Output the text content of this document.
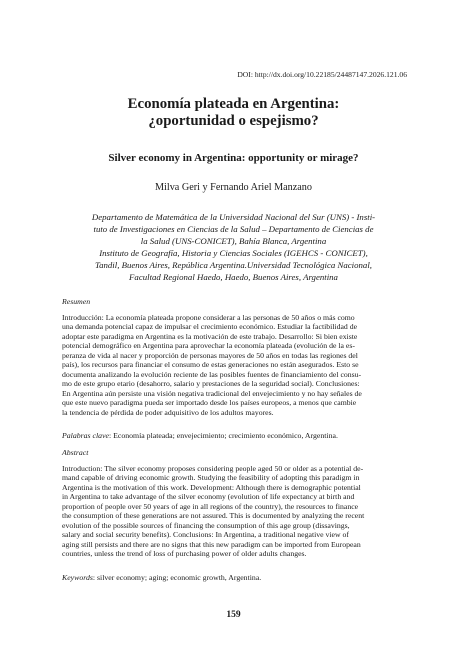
DOI: http://dx.doi.org/10.22185/24487147.2026.121.06
Economía plateada en Argentina:
¿oportunidad o espejismo?
Silver economy in Argentina: opportunity or mirage?
Milva Geri y Fernando Ariel Manzano
Departamento de Matemática de la Universidad Nacional del Sur (UNS) - Insti-
tuto de Investigaciones en Ciencias de la Salud – Departamento de Ciencias de
la Salud (UNS-CONICET), Bahía Blanca, Argentina
Instituto de Geografía, Historia y Ciencias Sociales (IGEHCS - CONICET),
Tandil, Buenos Aires, República Argentina.Universidad Tecnológica Nacional,
Facultad Regional Haedo, Haedo, Buenos Aires, Argentina
Resumen
Introducción: La economía plateada propone considerar a las personas de 50 años o más como
una demanda potencial capaz de impulsar el crecimiento económico. Estudiar la factibilidad de
adoptar este paradigma en Argentina es la motivación de este trabajo. Desarrollo: Si bien existe
potencial demográfico en Argentina para aprovechar la economía plateada (evolución de la es-
peranza de vida al nacer y proporción de personas mayores de 50 años en todas las regiones del
país), los recursos para financiar el consumo de estas generaciones no están asegurados. Esto se
documenta analizando la evolución reciente de las posibles fuentes de financiamiento del consu-
mo de este grupo etario (desahorro, salario y prestaciones de la seguridad social). Conclusiones:
En Argentina aún persiste una visión negativa tradicional del envejecimiento y no hay señales de
que este nuevo paradigma pueda ser importado desde los países europeos, a menos que cambie
la tendencia de pérdida de poder adquisitivo de los adultos mayores.
Palabras clave: Economía plateada; envejecimiento; crecimiento económico, Argentina.
Abstract
Introduction: The silver economy proposes considering people aged 50 or older as a potential de-
mand capable of driving economic growth. Studying the feasibility of adopting this paradigm in
Argentina is the motivation of this work. Development: Although there is demographic potential
in Argentina to take advantage of the silver economy (evolution of life expectancy at birth and
proportion of people over 50 years of age in all regions of the country), the resources to finance
the consumption of these generations are not assured. This is documented by analyzing the recent
evolution of the possible sources of financing the consumption of this age group (dissavings,
salary and social security benefits). Conclusions: In Argentina, a traditional negative view of
aging still persists and there are no signs that this new paradigm can be imported from European
countries, unless the trend of loss of purchasing power of older adults changes.
Keywords: silver economy; aging; economic growth, Argentina.
159
